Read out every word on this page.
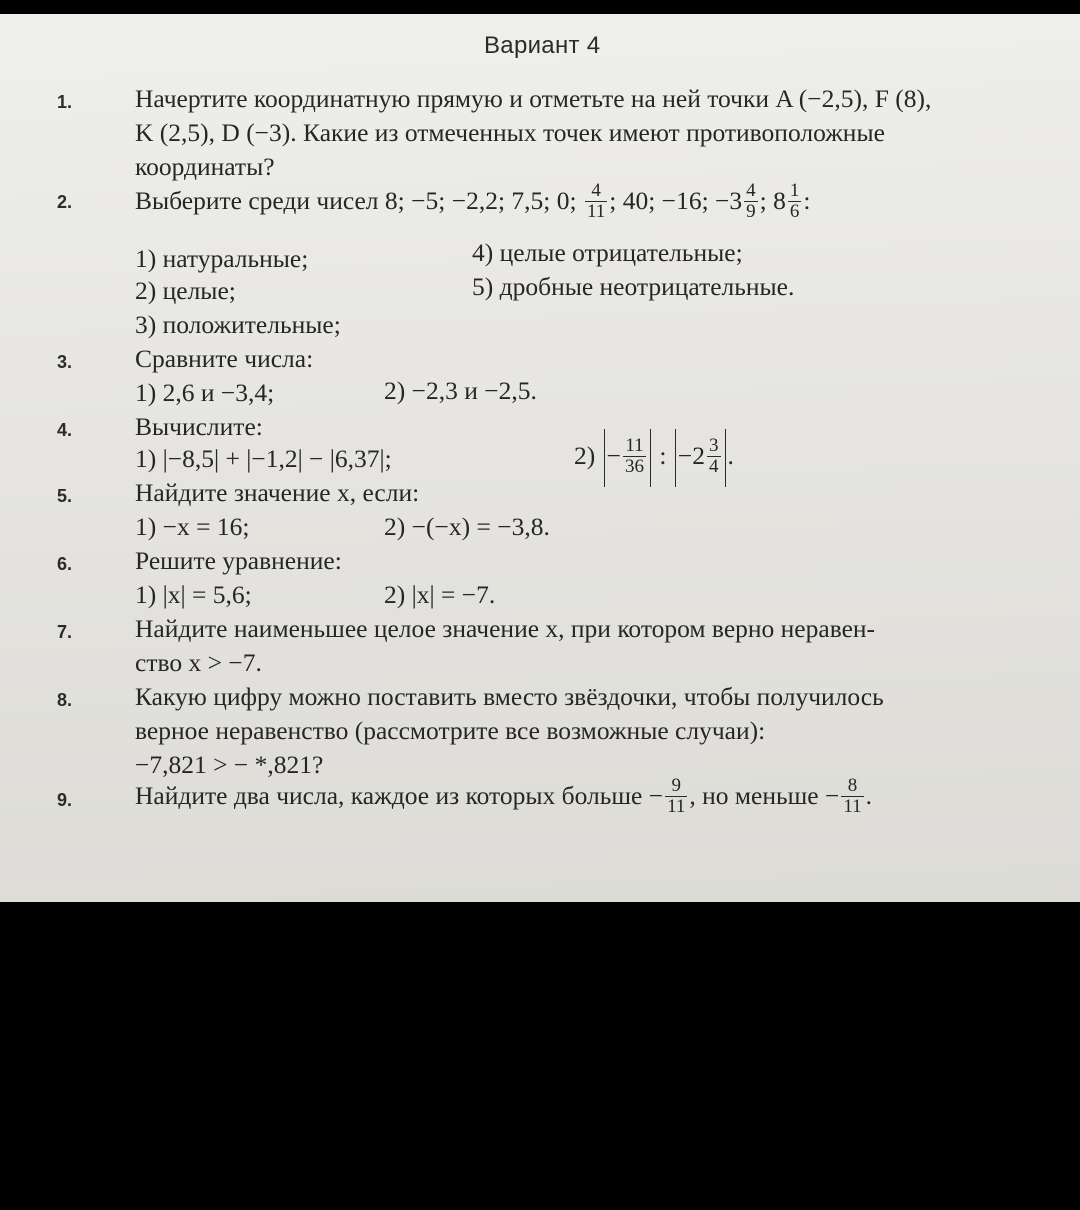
Вариант 4
1. Начертите координатную прямую и отметьте на ней точки A (−2,5), F (8),
K (2,5), D (−3). Какие из отмеченных точек имеют противоположные
координаты?
2. Выберите среди чисел 8; −5; −2,2; 7,5; 0; $\frac{4}{11}$ ; 40; −16; $-3 \frac{4}{9}$ ; $8 \frac{1}{6}$ :
1) натуральные;
2) целые;
3) положительные;
4) целые отрицательные;
5) дробные неотрицательные.
3. Сравните числа:
1) 2,6 и −3,4;	2) −2,3 и −2,5.
4. Вычислите:
1) |−8,5| + |−1,2| − |6,37|;	$2) - \frac{11}{36}$ : $-2 \frac{3}{4}$ .
5. Найдите значение x, если:
1) −x = 16;	2) −(−x) = −3,8.
6. Решите уравнение:
1) |x| = 5,6;	2) |x| = −7.
7. Найдите наименьшее целое значение x, при котором верно неравен-
ство x > −7.
8. Какую цифру можно поставить вместо звёздочки, чтобы получилось
верное неравенство (рассмотрите все возможные случаи):
−7,821 > − *,821?
9. Найдите два числа, каждое из которых больше − $\frac{9}{11}$ , но меньше − $\frac{8}{11}$ .
